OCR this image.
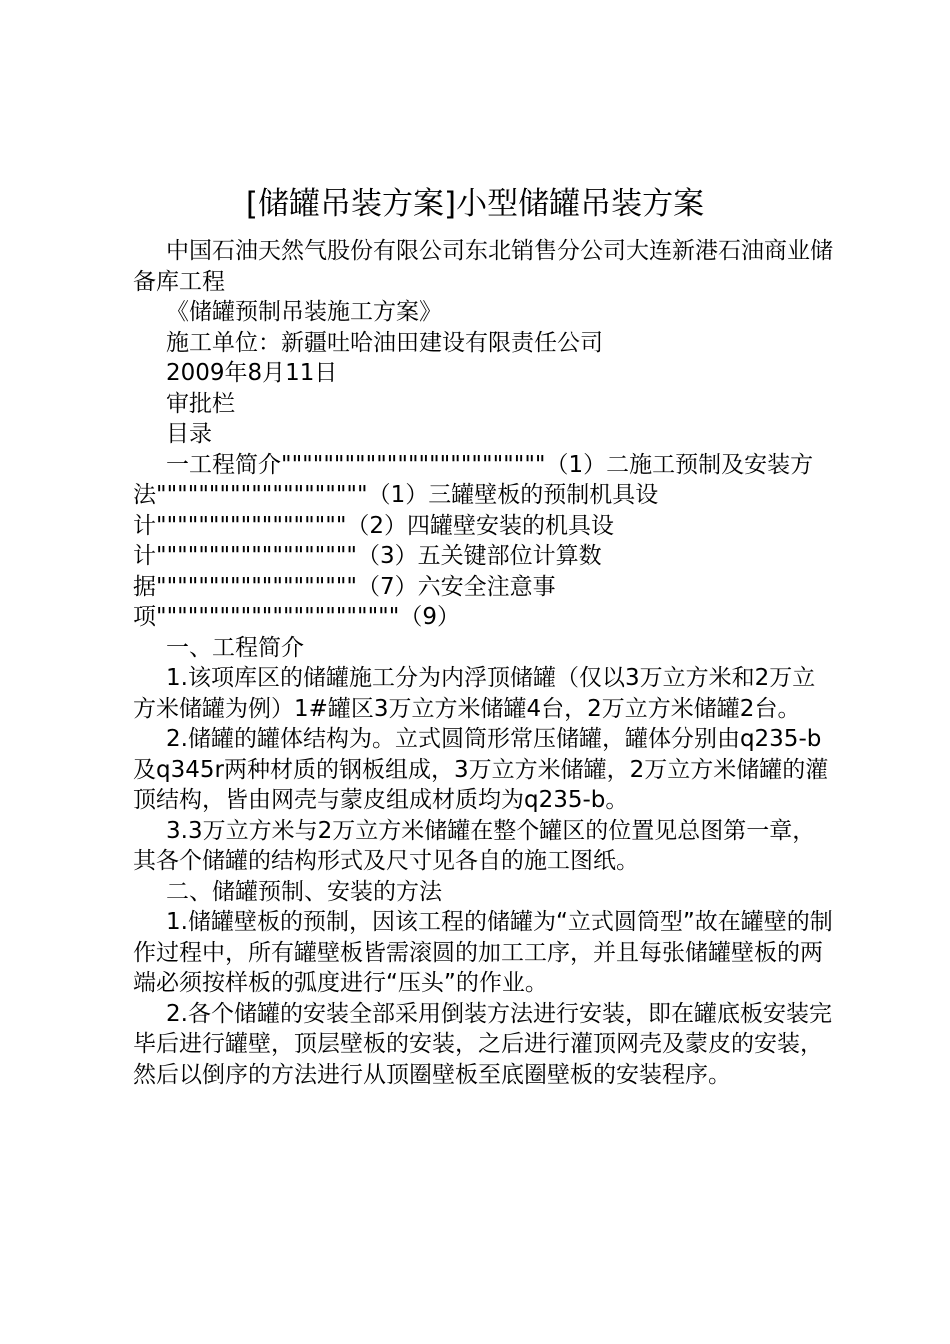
[储罐吊装方案]小型储罐吊装方案

中国石油天然气股份有限公司东北销售分公司大连新港石油商业储备库工程

《储罐预制吊装施工方案》

施工单位：新疆吐哈油田建设有限责任公司

2009年8月11日

审批栏

目录

一工程简介"""""""""""""""""""""""""（1）二施工预制及安装方法""""""""""""""""""""（1）三罐壁板的预制机具设计""""""""""""""""""（2）四罐壁安装的机具设计"""""""""""""""""""（3）五关键部位计算数据"""""""""""""""""""（7）六安全注意事项"""""""""""""""""""""""（9）

一、工程简介

1.该项库区的储罐施工分为内浮顶储罐（仅以3万立方米和2万立方米储罐为例）1#罐区3万立方米储罐4台，2万立方米储罐2台。

2.储罐的罐体结构为。立式圆筒形常压储罐，罐体分别由q235-b及q345r两种材质的钢板组成，3万立方米储罐，2万立方米储罐的灌顶结构，皆由网壳与蒙皮组成材质均为q235-b。

3.3万立方米与2万立方米储罐在整个罐区的位置见总图第一章，其各个储罐的结构形式及尺寸见各自的施工图纸。

二、储罐预制、安装的方法

1.储罐壁板的预制，因该工程的储罐为“立式圆筒型”故在罐壁的制作过程中，所有罐壁板皆需滚圆的加工工序，并且每张储罐壁板的两端必须按样板的弧度进行“压头”的作业。

2.各个储罐的安装全部采用倒装方法进行安装，即在罐底板安装完毕后进行罐壁，顶层壁板的安装，之后进行灌顶网壳及蒙皮的安装，然后以倒序的方法进行从顶圈壁板至底圈壁板的安装程序。
